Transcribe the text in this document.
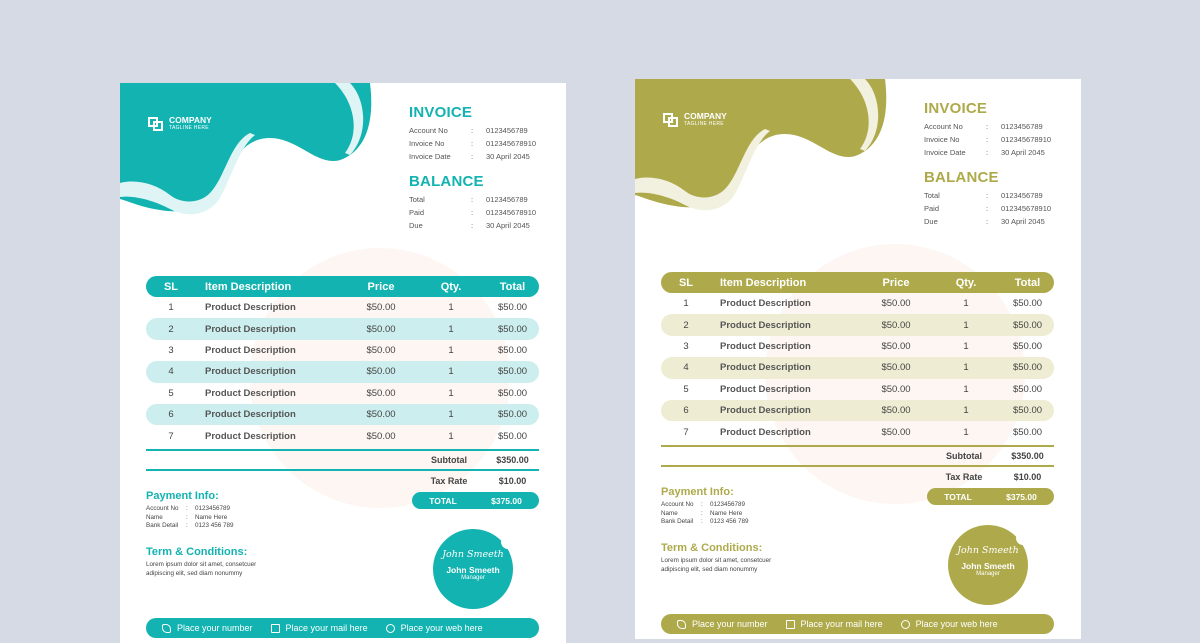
COMPANY
TAGLINE HERE
INVOICE
Account No	:	0123456789
Invoice No	:	012345678910
Invoice Date	:	30 April 2045
BALANCE
Total	:	0123456789
Paid	:	012345678910
Due	:	30 April 2045
SL	Item Description	Price	Qty.	Total
1	Product Description	$50.00	1	$50.00
2	Product Description	$50.00	1	$50.00
3	Product Description	$50.00	1	$50.00
4	Product Description	$50.00	1	$50.00
5	Product Description	$50.00	1	$50.00
6	Product Description	$50.00	1	$50.00
7	Product Description	$50.00	1	$50.00
Subtotal	$350.00
Tax Rate	$10.00
TOTAL	$375.00
Payment Info:
Account No	:	0123456789
Name	:	Name Here
Bank Detail	:	0123 456 789
Term & Conditions:
Lorem ipsum dolor sit amet, consetcuer adipiscing elit, sed diam nonummy
John Smeeth
John Smeeth
Manager
Place your number	Place your mail here	Place your web here
COMPANY
TAGLINE HERE
INVOICE
Account No	:	0123456789
Invoice No	:	012345678910
Invoice Date	:	30 April 2045
BALANCE
Total	:	0123456789
Paid	:	012345678910
Due	:	30 April 2045
SL	Item Description	Price	Qty.	Total
1	Product Description	$50.00	1	$50.00
2	Product Description	$50.00	1	$50.00
3	Product Description	$50.00	1	$50.00
4	Product Description	$50.00	1	$50.00
5	Product Description	$50.00	1	$50.00
6	Product Description	$50.00	1	$50.00
7	Product Description	$50.00	1	$50.00
Subtotal	$350.00
Tax Rate	$10.00
TOTAL	$375.00
Payment Info:
Account No	:	0123456789
Name	:	Name Here
Bank Detail	:	0123 456 789
Term & Conditions:
Lorem ipsum dolor sit amet, consetcuer adipiscing elit, sed diam nonummy
John Smeeth
John Smeeth
Manager
Place your number	Place your mail here	Place your web here
